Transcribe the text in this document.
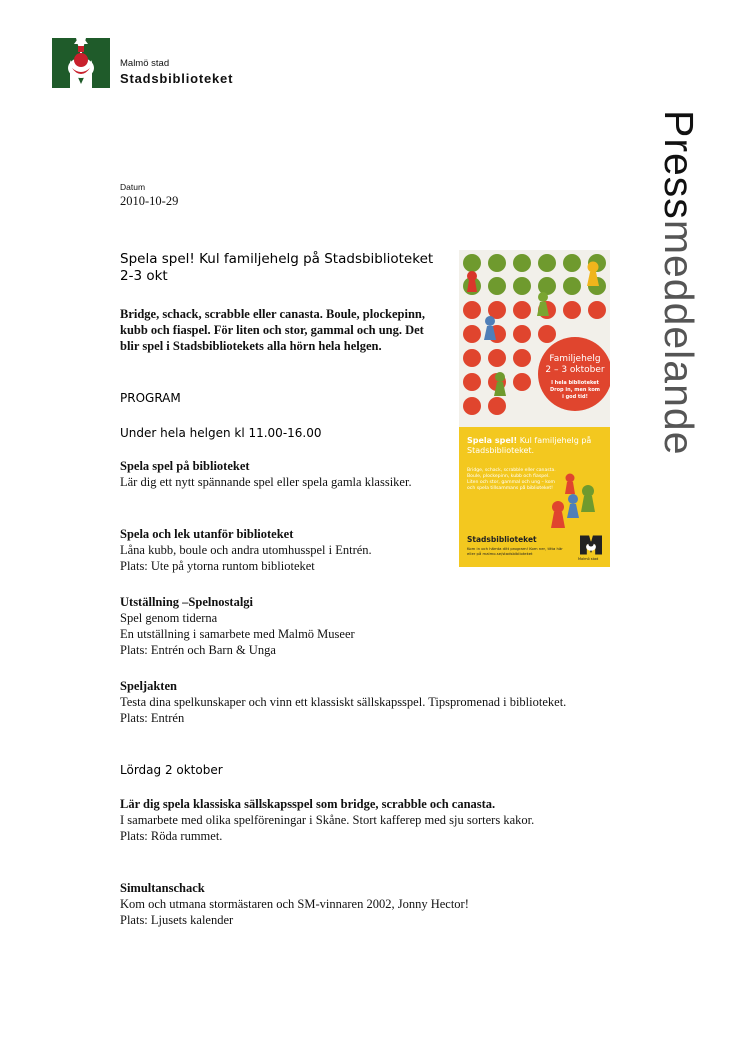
Malmö stad
Stadsbiblioteket
Pressmeddelande
Datum
2010-10-29
Spela spel! Kul familjehelg på Stadsbiblioteket 2-3 okt
Bridge, schack, scrabble eller canasta. Boule, plockepinn, kubb och fiaspel. För liten och stor, gammal och ung. Det blir spel i Stadsbibliotekets alla hörn hela helgen.
PROGRAM
Under hela helgen kl 11.00-16.00
Spela spel på biblioteket
Lär dig ett nytt spännande spel eller spela gamla klassiker.
Spela och lek utanför biblioteket
Låna kubb, boule och andra utomhusspel i Entrén.
Plats: Ute på ytorna runtom biblioteket
Utställning –Spelnostalgi
Spel genom tiderna
En utställning i samarbete med Malmö Museer
Plats: Entrén och Barn & Unga
Speljakten
Testa dina spelkunskaper och vinn ett klassiskt sällskapsspel. Tipspromenad i biblioteket.
Plats: Entrén
Lördag 2 oktober
Lär dig spela klassiska sällskapsspel som bridge, scrabble och canasta.
I samarbete med olika spelföreningar i Skåne. Stort kafferep med sju sorters kakor.
Plats: Röda rummet.
Simultanschack
Kom och utmana stormästaren och SM-vinnaren 2002, Jonny Hector!
Plats: Ljusets kalender
Familjehelg
2 – 3 oktober
I hela biblioteket
Drop in, men kom
i god tid!
Spela spel! Kul familjehelg på Stadsbiblioteket.
Bridge, schack, scrabble eller canasta. Boule, plockepinn, kubb och fiaspel. Liten och stor, gammal och ung – kom och spela tillsammans på biblioteket!
Stadsbiblioteket
Kom in och hämta ditt program! Kom ner, titta här eller på malmo.se/stadsbiblioteket
Malmö stad
